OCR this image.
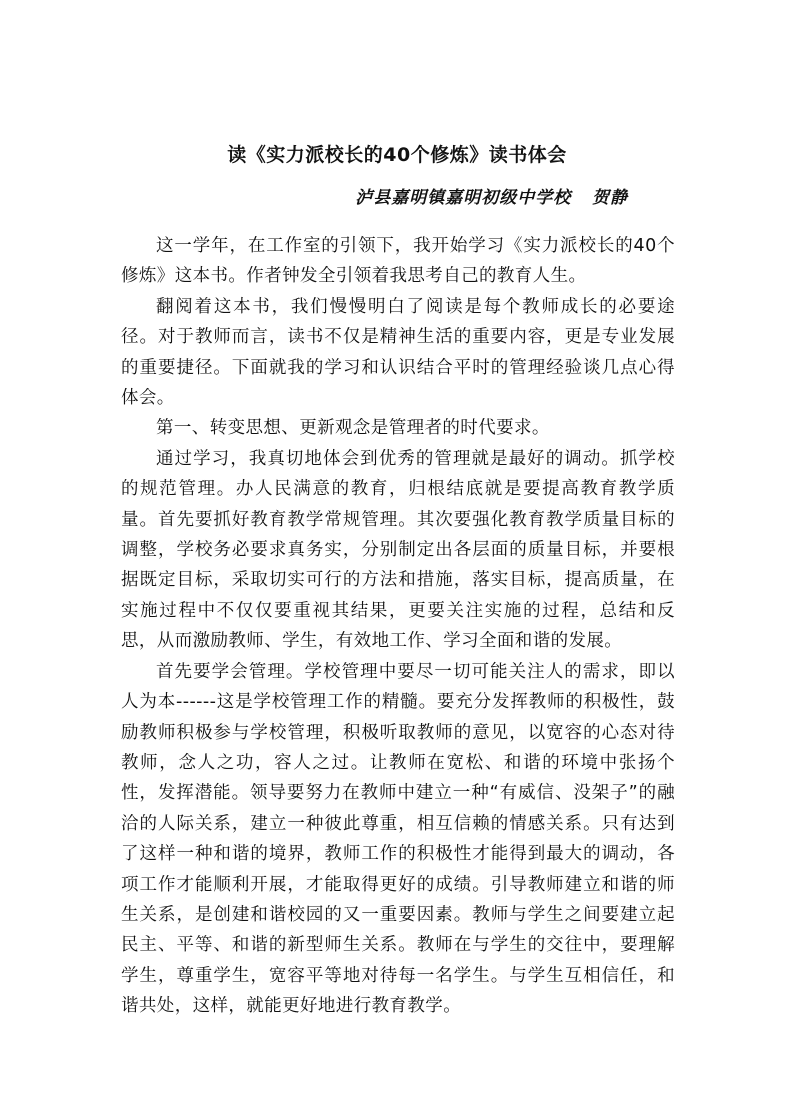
读《实力派校长的40个修炼》读书体会
泸县嘉明镇嘉明初级中学校   贺静

这一学年，在工作室的引领下，我开始学习《实力派校长的40个修炼》这本书。作者钟发全引领着我思考自己的教育人生。

翻阅着这本书，我们慢慢明白了阅读是每个教师成长的必要途径。对于教师而言，读书不仅是精神生活的重要内容，更是专业发展的重要捷径。下面就我的学习和认识结合平时的管理经验谈几点心得体会。

第一、转变思想、更新观念是管理者的时代要求。

通过学习，我真切地体会到优秀的管理就是最好的调动。抓学校的规范管理。办人民满意的教育，归根结底就是要提高教育教学质量。首先要抓好教育教学常规管理。其次要强化教育教学质量目标的调整，学校务必要求真务实，分别制定出各层面的质量目标，并要根据既定目标，采取切实可行的方法和措施，落实目标，提高质量，在实施过程中不仅仅要重视其结果，更要关注实施的过程，总结和反思，从而激励教师、学生，有效地工作、学习全面和谐的发展。

首先要学会管理。学校管理中要尽一切可能关注人的需求，即以人为本------这是学校管理工作的精髓。要充分发挥教师的积极性，鼓励教师积极参与学校管理，积极听取教师的意见，以宽容的心态对待教师，念人之功，容人之过。让教师在宽松、和谐的环境中张扬个性，发挥潜能。领导要努力在教师中建立一种“有威信、没架子”的融洽的人际关系，建立一种彼此尊重，相互信赖的情感关系。只有达到了这样一种和谐的境界，教师工作的积极性才能得到最大的调动，各项工作才能顺利开展，才能取得更好的成绩。引导教师建立和谐的师生关系，是创建和谐校园的又一重要因素。教师与学生之间要建立起民主、平等、和谐的新型师生关系。教师在与学生的交往中，要理解学生，尊重学生，宽容平等地对待每一名学生。与学生互相信任，和谐共处，这样，就能更好地进行教育教学。
